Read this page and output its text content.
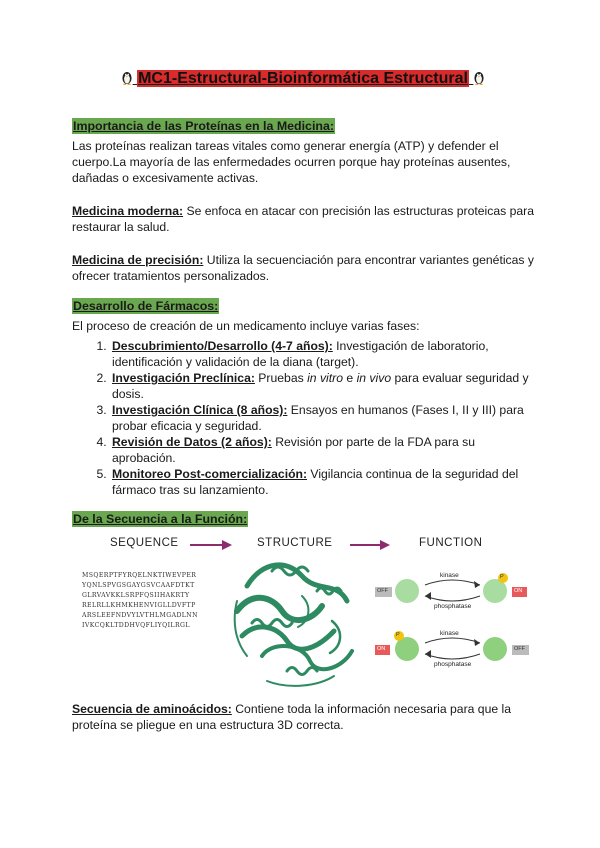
MC1-Estructural-Bioinformática Estructural
Importancia de las Proteínas en la Medicina:
Las proteínas realizan tareas vitales como generar energía (ATP) y defender el cuerpo.La mayoría de las enfermedades ocurren porque hay proteínas ausentes, dañadas o excesivamente activas.
Medicina moderna: Se enfoca en atacar con precisión las estructuras proteicas para restaurar la salud.
Medicina de precisión: Utiliza la secuenciación para encontrar variantes genéticas y ofrecer tratamientos personalizados.
Desarrollo de Fármacos:
El proceso de creación de un medicamento incluye varias fases:
1. Descubrimiento/Desarrollo (4-7 años): Investigación de laboratorio, identificación y validación de la diana (target).
2. Investigación Preclínica: Pruebas in vitro e in vivo para evaluar seguridad y dosis.
3. Investigación Clínica (8 años): Ensayos en humanos (Fases I, II y III) para probar eficacia y seguridad.
4. Revisión de Datos (2 años): Revisión por parte de la FDA para su aprobación.
5. Monitoreo Post-comercialización: Vigilancia continua de la seguridad del fármaco tras su lanzamiento.
De la Secuencia a la Función:
SEQUENCE	STRUCTURE	FUNCTION
MSQERPTFYRQELNKTIWEVPER
YQNLSPVGSGAYGSVCAAFDTKT
GLRVAVKKLSRPFQSIIHAKRTY
RELRLLKHMKHENVIGLLDVFTP
ARSLEEFNDVYLVTHLMGADLNN
IVKCQKLTDDHVQFLIYQILRGL
OFF	ON
P
kinase
phosphatase
ON	OFF
P	kinase
phosphatase
Secuencia de aminoácidos: Contiene toda la información necesaria para que la proteína se pliegue en una estructura 3D correcta.
